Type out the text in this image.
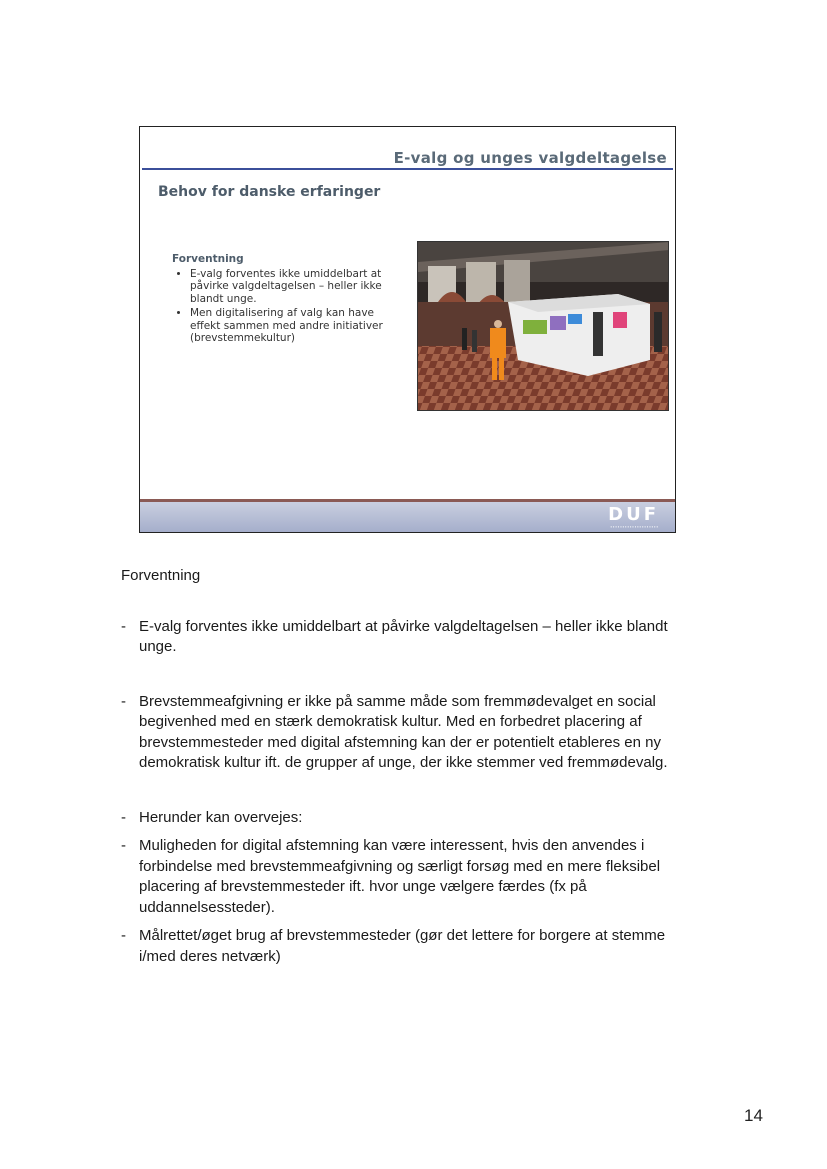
E-valg og unges valgdeltagelse
Behov for danske erfaringer
Forventning
• E-valg forventes ikke umiddelbart at påvirke valgdeltagelsen – heller ikke blandt unge.
• Men digitalisering af valg kan have effekt sammen med andre initiativer (brevstemmekultur)
DUF
▪▪▪▪▪▪▪▪▪▪▪▪▪▪▪▪▪▪▪▪
Forventning
- E-valg forventes ikke umiddelbart at påvirke valgdeltagelsen – heller ikke blandt unge.
- Brevstemmeafgivning er ikke på samme måde som fremmødevalget en social begivenhed med en stærk demokratisk kultur. Med en forbedret placering af brevstemmesteder med digital afstemning kan der er potentielt etableres en ny demokratisk kultur ift. de grupper af unge, der ikke stemmer ved fremmødevalg.
- Herunder kan overvejes:
- Muligheden for digital afstemning kan være interessent, hvis den anvendes i forbindelse med brevstemmeafgivning og særligt forsøg med en mere fleksibel placering af brevstemmesteder ift. hvor unge vælgere færdes (fx på uddannelsessteder).
- Målrettet/øget brug af brevstemmesteder (gør det lettere for borgere at stemme i/med deres netværk)
14
